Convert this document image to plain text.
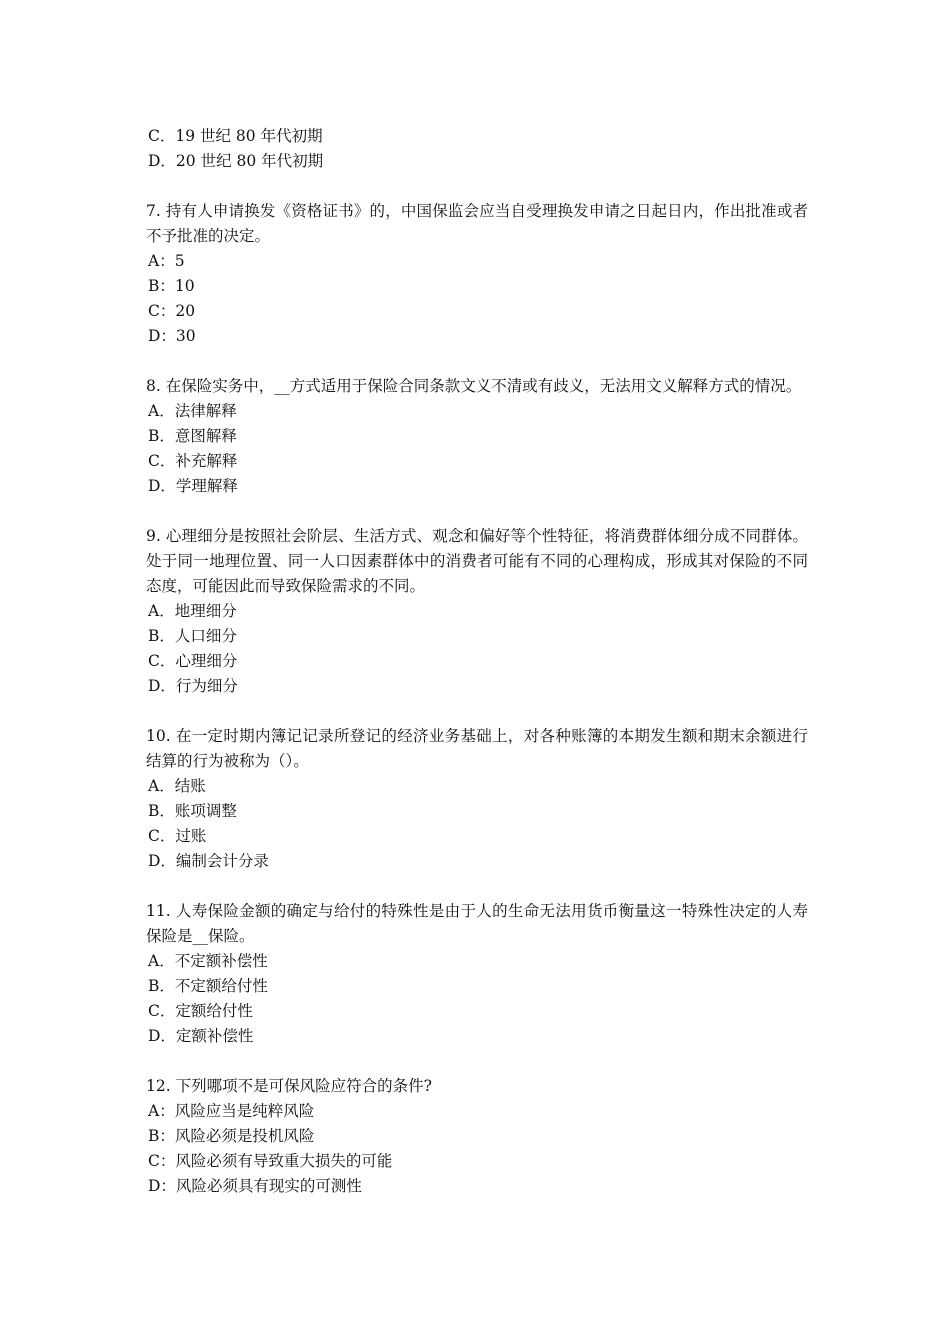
C．19 世纪 80 年代初期
D．20 世纪 80 年代初期
7. 持有人申请换发《资格证书》的，中国保监会应当自受理换发申请之日起日内，作出批准或者不予批准的决定。
A：5
B：10
C：20
D：30
8. 在保险实务中，__方式适用于保险合同条款文义不清或有歧义，无法用文义解释方式的情况。
A．法律解释
B．意图解释
C．补充解释
D．学理解释
9. 心理细分是按照社会阶层、生活方式、观念和偏好等个性特征，将消费群体细分成不同群体。处于同一地理位置、同一人口因素群体中的消费者可能有不同的心理构成，形成其对保险的不同态度，可能因此而导致保险需求的不同。
A．地理细分
B．人口细分
C．心理细分
D．行为细分
10. 在一定时期内簿记记录所登记的经济业务基础上，对各种账簿的本期发生额和期末余额进行结算的行为被称为（）。
A．结账
B．账项调整
C．过账
D．编制会计分录
11. 人寿保险金额的确定与给付的特殊性是由于人的生命无法用货币衡量这一特殊性决定的人寿保险是__保险。
A．不定额补偿性
B．不定额给付性
C．定额给付性
D．定额补偿性
12. 下列哪项不是可保风险应符合的条件?
A：风险应当是纯粹风险
B：风险必须是投机风险
C：风险必须有导致重大损失的可能
D：风险必须具有现实的可测性
